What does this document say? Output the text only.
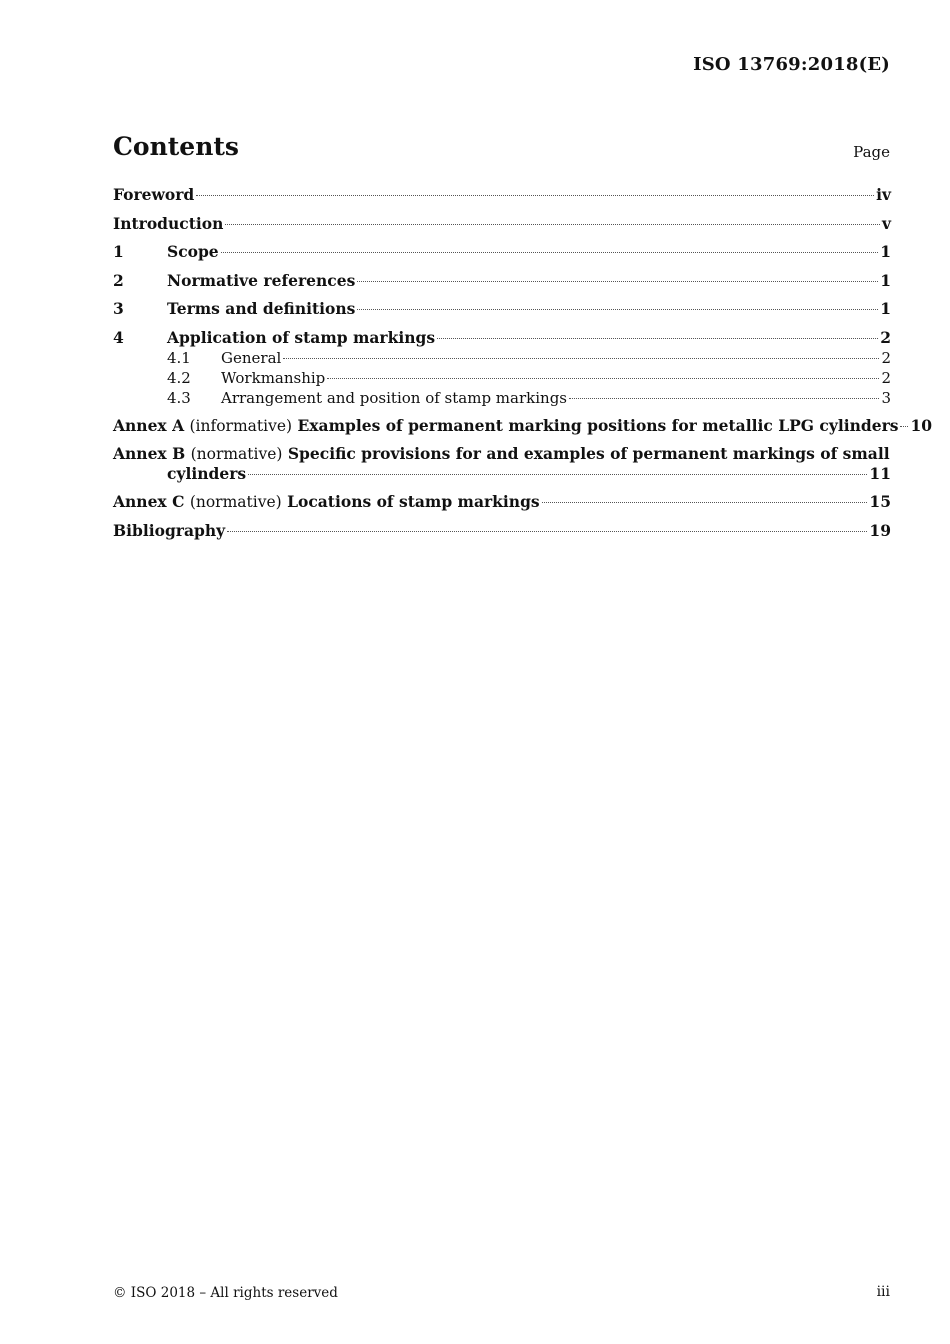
ISO 13769:2018(E)
Contents	Page
Foreword	iv
Introduction	v
1	Scope	1
2	Normative references	1
3	Terms and definitions	1
4	Application of stamp markings	2
4.1	General	2
4.2	Workmanship	2
4.3	Arrangement and position of stamp markings	3
Annex A (informative) Examples of permanent marking positions for metallic LPG cylinders 10
Annex B (normative) Specific provisions for and examples of permanent markings of small
cylinders	11
Annex C (normative) Locations of stamp markings	15
Bibliography	19
© ISO 2018 – All rights reserved	iii
